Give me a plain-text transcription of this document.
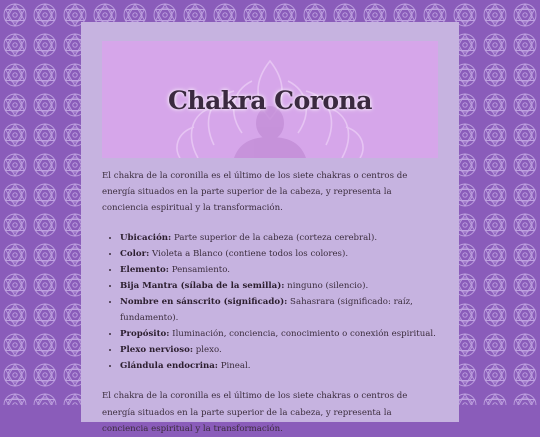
Chakra Corona

El chakra de la coronilla es el último de los siete chakras o centros de energía situados en la parte superior de la cabeza, y representa la conciencia espiritual y la transformación.

• Ubicación: Parte superior de la cabeza (corteza cerebral).
• Color: Violeta a Blanco (contiene todos los colores).
• Elemento: Pensamiento.
• Bija Mantra (sílaba de la semilla): ninguno (silencio).
• Nombre en sánscrito (significado): Sahasrara (significado: raíz, fundamento).
• Propósito: Iluminación, conciencia, conocimiento o conexión espiritual.
• Plexo nervioso: plexo.
• Glándula endocrina: Pineal.

El chakra de la coronilla es el último de los siete chakras o centros de energía situados en la parte superior de la cabeza, y representa la conciencia espiritual y la transformación.
